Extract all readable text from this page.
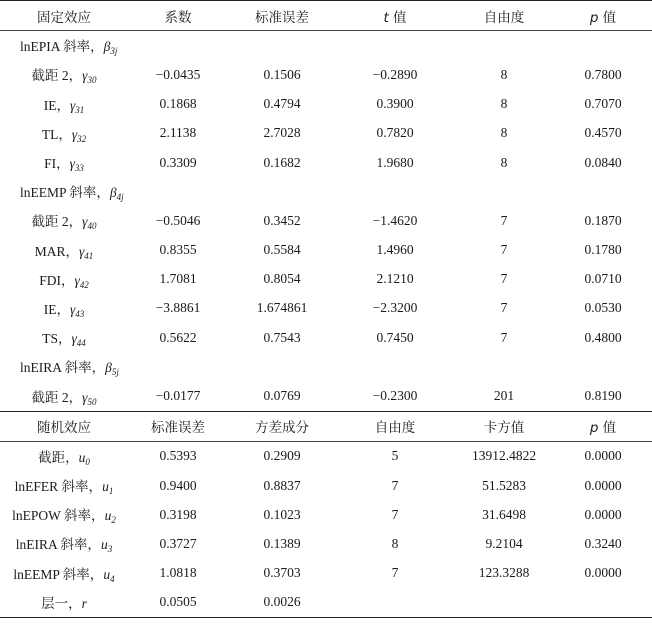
固定效应	系数	标准误差	t 值	自由度	p 值
lnEPIA 斜率，$\beta_{3j}$
截距 2，$\gamma_{30}$	−0.0435	0.1506	−0.2890	8	0.7800
IE，$\gamma_{31}$	0.1868	0.4794	0.3900	8	0.7070
TL，$\gamma_{32}$	2.1138	2.7028	0.7820	8	0.4570
FI，$\gamma_{33}$	0.3309	0.1682	1.9680	8	0.0840
lnEEMP 斜率，$\beta_{4j}$
截距 2，$\gamma_{40}$	−0.5046	0.3452	−1.4620	7	0.1870
MAR，$\gamma_{41}$	0.8355	0.5584	1.4960	7	0.1780
FDI，$\gamma_{42}$	1.7081	0.8054	2.1210	7	0.0710
IE，$\gamma_{43}$	−3.8861	1.674861	−2.3200	7	0.0530
TS，$\gamma_{44}$	0.5622	0.7543	0.7450	7	0.4800
lnEIRA 斜率，$\beta_{5j}$
截距 2，$\gamma_{50}$	−0.0177	0.0769	−0.2300	201	0.8190
随机效应	标准误差	方差成分	自由度	卡方值	p 值
截距，$u_0$	0.5393	0.2909	5	13912.4822	0.0000
lnEFER 斜率，$u_1$	0.9400	0.8837	7	51.5283	0.0000
lnEPOW 斜率，$u_2$	0.3198	0.1023	7	31.6498	0.0000
lnEIRA 斜率，$u_3$	0.3727	0.1389	8	9.2104	0.3240
lnEEMP 斜率，$u_4$	1.0818	0.3703	7	123.3288	0.0000
层一，r	0.0505	0.0026			
